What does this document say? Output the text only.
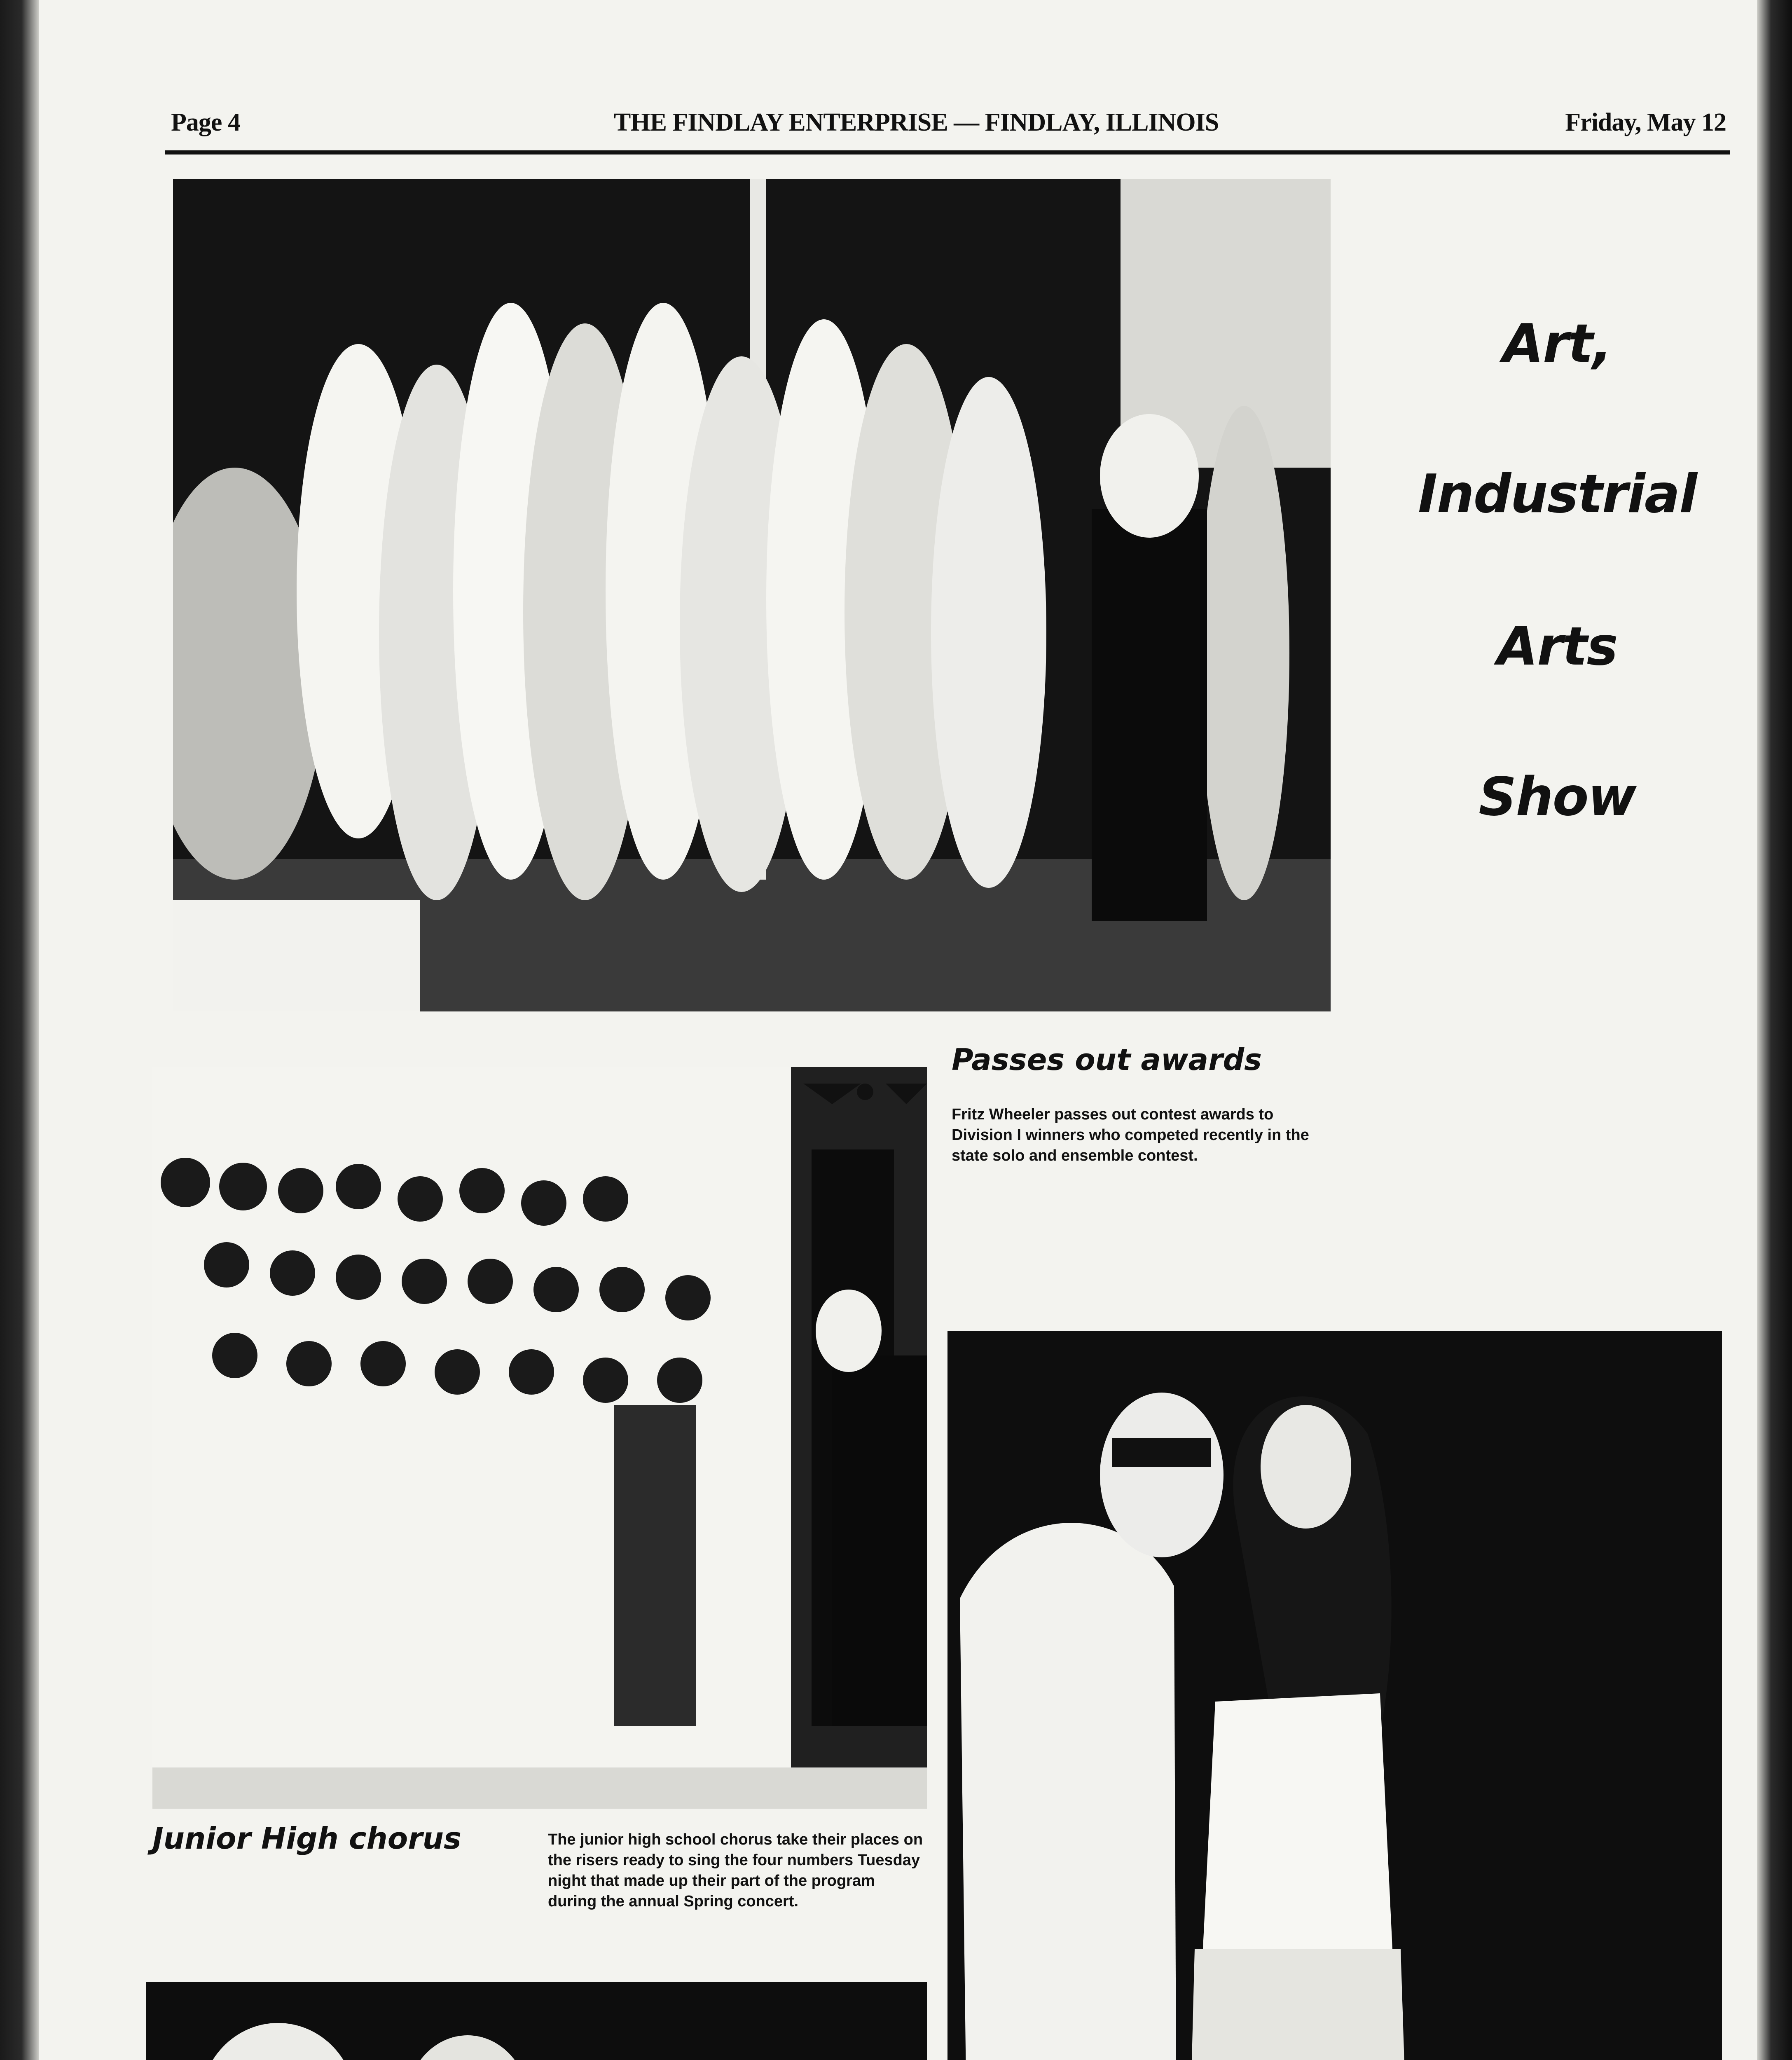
Page 4	THE FINDLAY ENTERPRISE — FINDLAY, ILLINOIS	Friday, May 12
Art,
Industrial
Arts
Show
Passes out awards
Fritz Wheeler passes out contest awards to Division I winners who competed recently in the state solo and ensemble contest.
Junior High chorus	The junior high school chorus take their places on the risers ready to sing the four numbers Tuesday night that made up their part of the program during the annual Spring concert.
